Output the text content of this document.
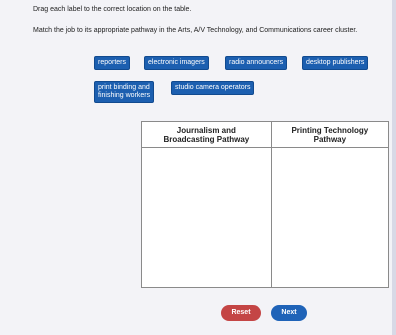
Drag each label to the correct location on the table.
Match the job to its appropriate pathway in the Arts, A/V Technology, and Communications career cluster.
reporters	electronic imagers	radio announcers	desktop publishers
print binding and
finishing workers
studio camera operators
Journalism and
Broadcasting Pathway	Printing Technology
Pathway

Reset	Next
